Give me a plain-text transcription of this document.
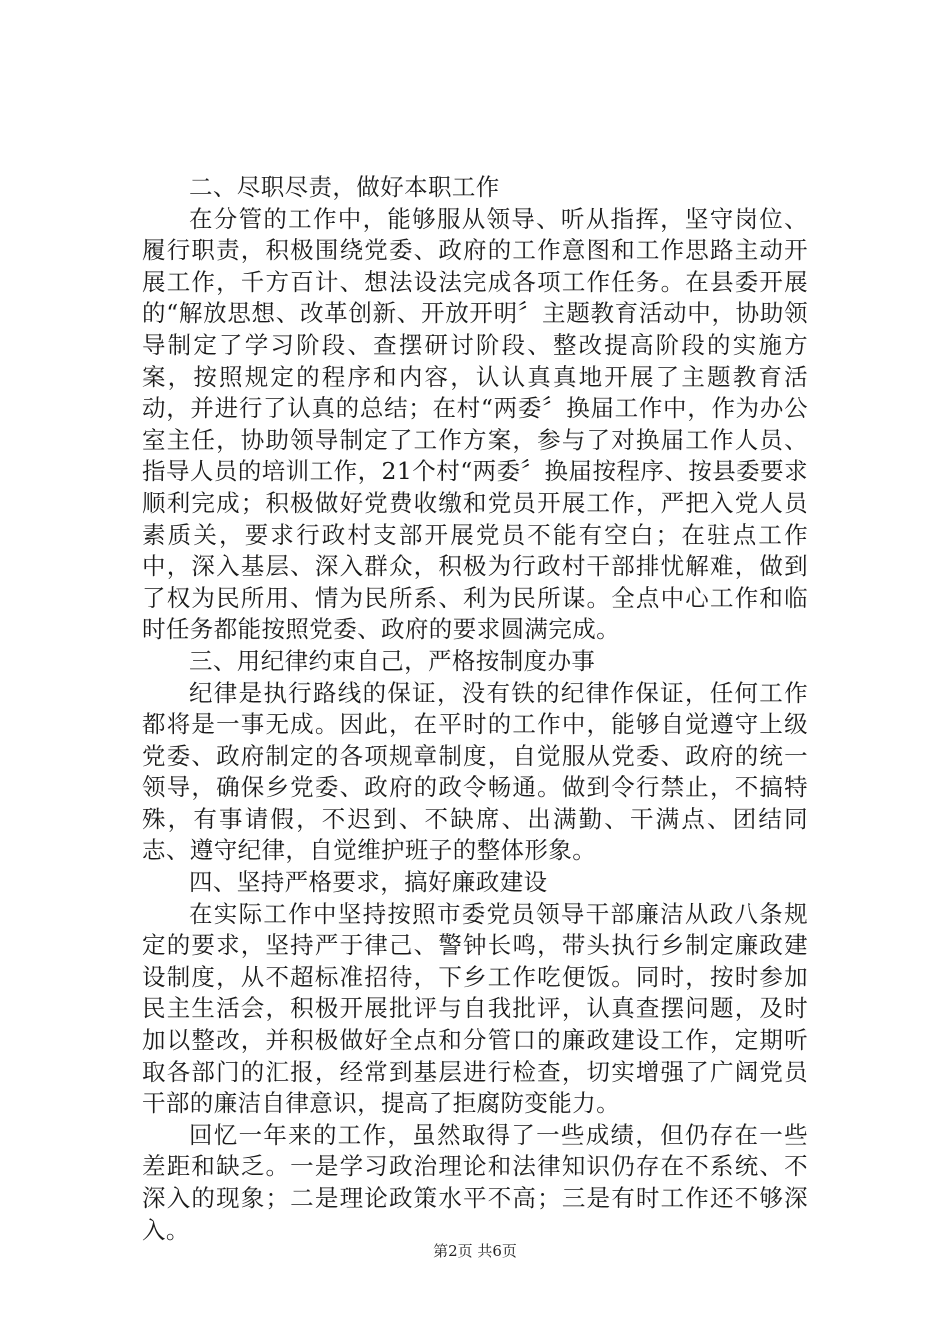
二、尽职尽责，做好本职工作

在分管的工作中，能够服从领导、听从指挥，坚守岗位、履行职责，积极围绕党委、政府的工作意图和工作思路主动开展工作，千方百计、想法设法完成各项工作任务。在县委开展的“解放思想、改革创新、开放开明〞主题教育活动中，协助领导制定了学习阶段、查摆研讨阶段、整改提高阶段的实施方案，按照规定的程序和内容，认认真真地开展了主题教育活动，并进行了认真的总结；在村“两委〞换届工作中，作为办公室主任，协助领导制定了工作方案，参与了对换届工作人员、指导人员的培训工作，21个村“两委〞换届按程序、按县委要求顺利完成；积极做好党费收缴和党员开展工作，严把入党人员素质关，要求行政村支部开展党员不能有空白；在驻点工作中，深入基层、深入群众，积极为行政村干部排忧解难，做到了权为民所用、情为民所系、利为民所谋。全点中心工作和临时任务都能按照党委、政府的要求圆满完成。

三、用纪律约束自己，严格按制度办事

纪律是执行路线的保证，没有铁的纪律作保证，任何工作都将是一事无成。因此，在平时的工作中，能够自觉遵守上级党委、政府制定的各项规章制度，自觉服从党委、政府的统一领导，确保乡党委、政府的政令畅通。做到令行禁止，不搞特殊，有事请假，不迟到、不缺席、出满勤、干满点、团结同志、遵守纪律，自觉维护班子的整体形象。

四、坚持严格要求，搞好廉政建设

在实际工作中坚持按照市委党员领导干部廉洁从政八条规定的要求，坚持严于律己、警钟长鸣，带头执行乡制定廉政建设制度，从不超标准招待，下乡工作吃便饭。同时，按时参加民主生活会，积极开展批评与自我批评，认真查摆问题，及时加以整改，并积极做好全点和分管口的廉政建设工作，定期听取各部门的汇报，经常到基层进行检查，切实增强了广阔党员干部的廉洁自律意识，提高了拒腐防变能力。

回忆一年来的工作，虽然取得了一些成绩，但仍存在一些差距和缺乏。一是学习政治理论和法律知识仍存在不系统、不深入的现象；二是理论政策水平不高；三是有时工作还不够深入。

第2页 共6页
